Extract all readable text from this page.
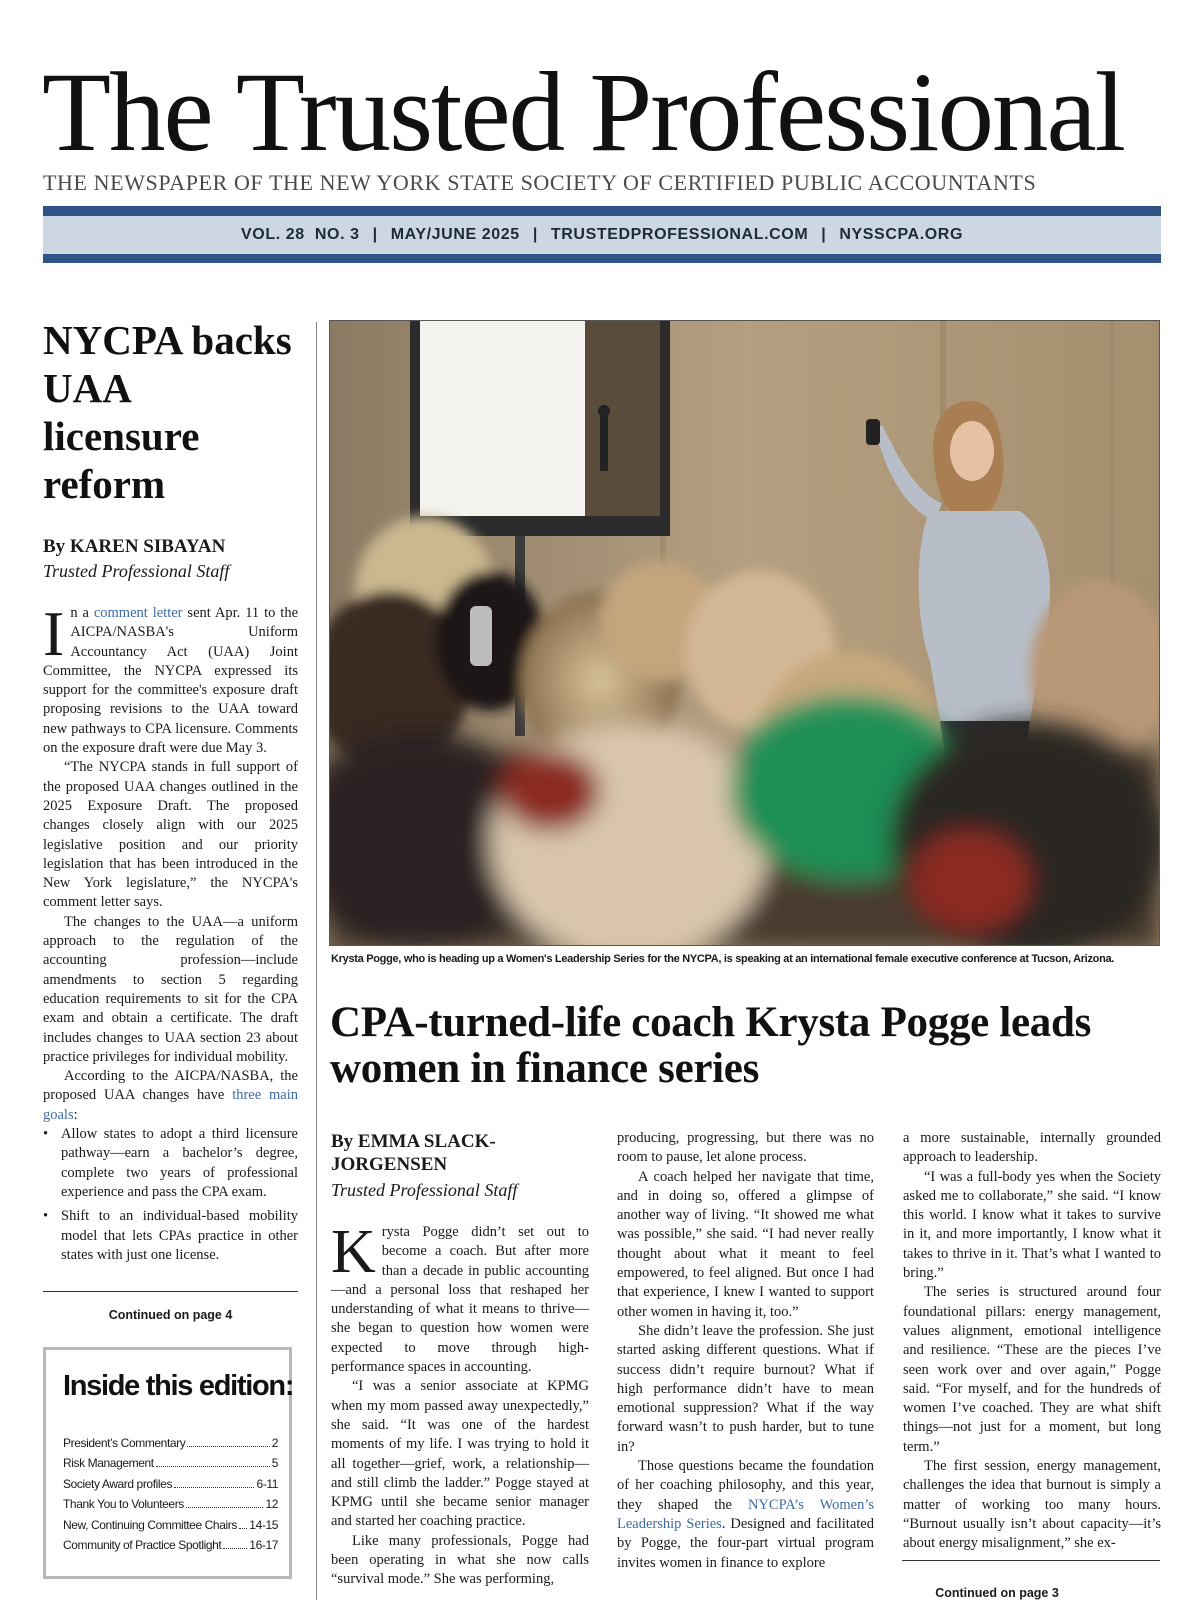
The Trusted Professional
THE NEWSPAPER OF THE NEW YORK STATE SOCIETY OF CERTIFIED PUBLIC ACCOUNTANTS
VOL. 28  NO. 3 | MAY/JUNE 2025 | TRUSTEDPROFESSIONAL.COM | NYSSCPA.ORG
NYCPA backs UAA licensure reform
By KAREN SIBAYAN
Trusted Professional Staff

In a comment letter sent Apr. 11 to the AICPA/NASBA's Uniform Accountancy Act (UAA) Joint Committee, the NYCPA expressed its support for the committee's exposure draft proposing revisions to the UAA toward new pathways to CPA licensure. Comments on the exposure draft were due May 3.

“The NYCPA stands in full support of the proposed UAA changes outlined in the 2025 Exposure Draft. The proposed changes closely align with our 2025 legislative position and our priority legislation that has been introduced in the New York legislature,” the NYCPA's comment letter says.

The changes to the UAA—a uniform approach to the regulation of the accounting profession—include amendments to section 5 regarding education requirements to sit for the CPA exam and obtain a certificate. The draft includes changes to UAA section 23 about practice privileges for individual mobility.

According to the AICPA/NASBA, the proposed UAA changes have three main goals:

• Allow states to adopt a third licensure pathway—earn a bachelor’s degree, complete two years of professional experience and pass the CPA exam.
• Shift to an individual-based mobility model that lets CPAs practice in other states with just one license.
Continued on page 4
Inside this edition:
President’s Commentary	2
Risk Management	5
Society Award profiles	6-11
Thank You to Volunteers	12
New, Continuing Committee Chairs 14-15
Community of Practice Spotlight 16-17
Krysta Pogge, who is heading up a Women's Leadership Series for the NYCPA, is speaking at an international female executive conference at Tucson, Arizona.
CPA-turned-life coach Krysta Pogge leads women in finance series
By EMMA SLACK-JORGENSEN
Trusted Professional Staff

Krysta Pogge didn’t set out to become a coach. But after more than a decade in public accounting—and a personal loss that reshaped her understanding of what it means to thrive—she began to question how women were expected to move through high-performance spaces in accounting.

“I was a senior associate at KPMG when my mom passed away unexpectedly,” she said. “It was one of the hardest moments of my life. I was trying to hold it all together—grief, work, a relationship—and still climb the ladder.” Pogge stayed at KPMG until she became senior manager and started her coaching practice.

Like many professionals, Pogge had been operating in what she now calls “survival mode.” She was performing,

producing, progressing, but there was no room to pause, let alone process.

A coach helped her navigate that time, and in doing so, offered a glimpse of another way of living. “It showed me what was possible,” she said. “I had never really thought about what it meant to feel empowered, to feel aligned. But once I had that experience, I knew I wanted to support other women in having it, too.”

She didn’t leave the profession. She just started asking different questions. What if success didn’t require burnout? What if high performance didn’t have to mean emotional suppression? What if the way forward wasn’t to push harder, but to tune in?

Those questions became the foundation of her coaching philosophy, and this year, they shaped the NYCPA’s Women’s Leadership Series. Designed and facilitated by Pogge, the four-part virtual program invites women in finance to explore

a more sustainable, internally grounded approach to leadership.

“I was a full-body yes when the Society asked me to collaborate,” she said. “I know this world. I know what it takes to survive in it, and more importantly, I know what it takes to thrive in it. That’s what I wanted to bring.”

The series is structured around four foundational pillars: energy management, values alignment, emotional intelligence and resilience. “These are the pieces I’ve seen work over and over again,” Pogge said. “For myself, and for the hundreds of women I’ve coached. They are what shift things—not just for a moment, but long term.”

The first session, energy management, challenges the idea that burnout is simply a matter of working too many hours. “Burnout usually isn’t about capacity—it’s about energy misalignment,” she ex-

Continued on page 3
